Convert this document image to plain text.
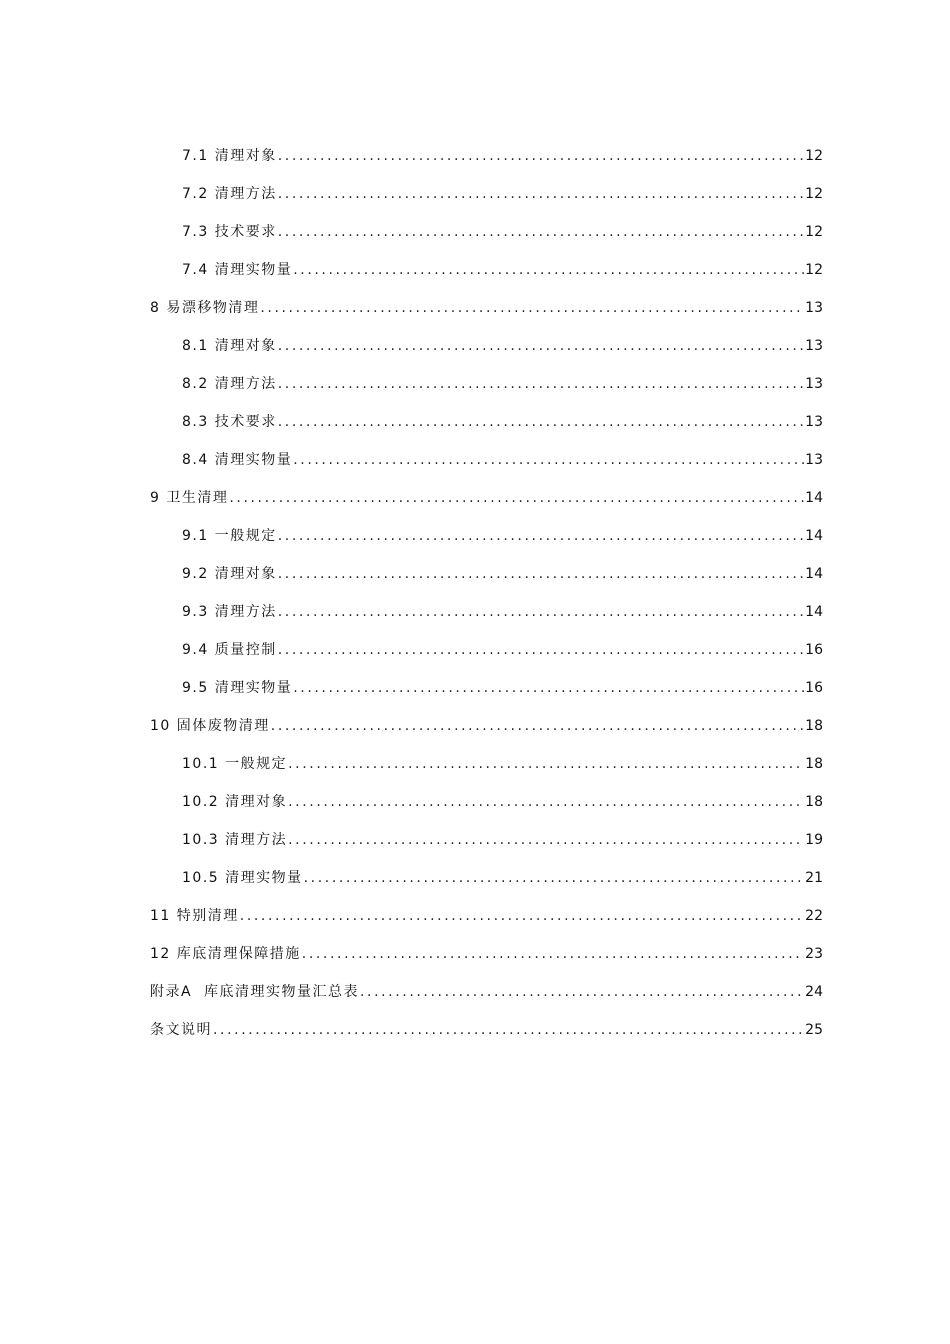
7.1 清理对象 .....	12
7.2 清理方法 .....	12
7.3 技术要求 .....	12
7.4 清理实物量 .....	12
8 易漂移物清理 .....	13
8.1 清理对象 .....	13
8.2 清理方法 .....	13
8.3 技术要求 .....	13
8.4 清理实物量 .....	13
9 卫生清理 .....	14
9.1 一般规定 .....	14
9.2 清理对象 .....	14
9.3 清理方法 .....	14
9.4 质量控制 .....	16
9.5 清理实物量 .....	16
10 固体废物清理 .....	18
10.1 一般规定 .....	18
10.2 清理对象 .....	18
10.3 清理方法 .....	19
10.5 清理实物量 .....	21
11 特别清理 .....	22
12 库底清理保障措施 .....	23
附录A  库底清理实物量汇总表 .....	24
条文说明 .....	25
